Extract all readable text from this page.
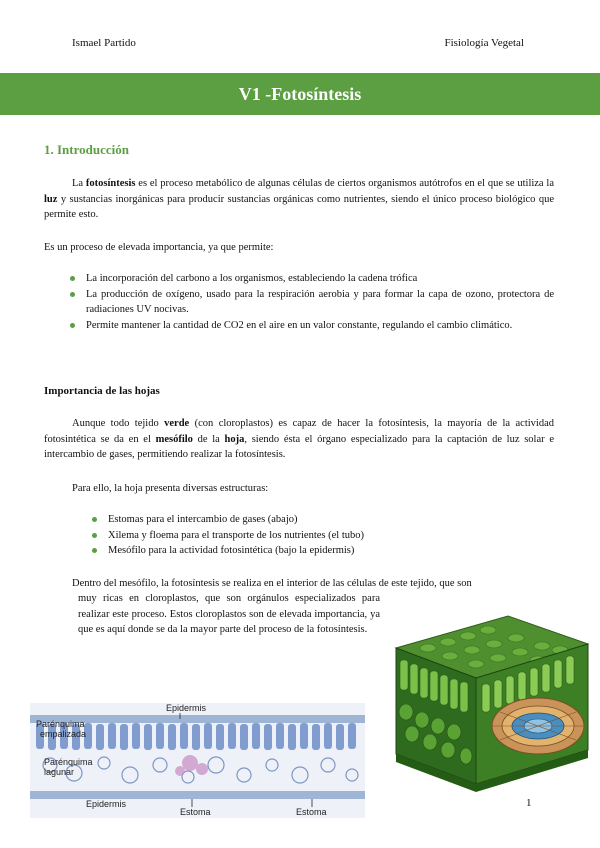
Ismael Partido	Fisiología Vegetal
V1 -Fotosíntesis
1. Introducción
La fotosíntesis es el proceso metabólico de algunas células de ciertos organismos autótrofos en el que se utiliza la luz y sustancias inorgánicas para producir sustancias orgánicas como nutrientes, siendo el único proceso biológico que permite esto.
Es un proceso de elevada importancia, ya que permite:
La incorporación del carbono a los organismos, estableciendo la cadena trófica
La producción de oxígeno, usado para la respiración aerobia y para formar la capa de ozono, protectora de radiaciones UV nocivas.
Permite mantener la cantidad de CO2 en el aire en un valor constante, regulando el cambio climático.
Importancia de las hojas
Aunque todo tejido verde (con cloroplastos) es capaz de hacer la fotosíntesis, la mayoría de la actividad fotosintética se da en el mesófilo de la hoja, siendo ésta el órgano especializado para la captación de luz solar e intercambio de gases, permitiendo realizar la fotosíntesis.
Para ello, la hoja presenta diversas estructuras:
Estomas para el intercambio de gases (abajo)
Xilema y floema para el transporte de los nutrientes (el tubo)
Mesófilo para la actividad fotosintética (bajo la epidermis)
Dentro del mesófilo, la fotosíntesis se realiza en el interior de las células de este tejido, que son
muy ricas en cloroplastos, que son orgánulos especializados para realizar este proceso. Estos cloroplastos son de elevada importancia, ya que es aquí donde se da la mayor parte del proceso de la fotosíntesis.
Epidermis
Parénquima
empalizada
Parénquima
lagunar
Epidermis
Estoma	Estoma
1
